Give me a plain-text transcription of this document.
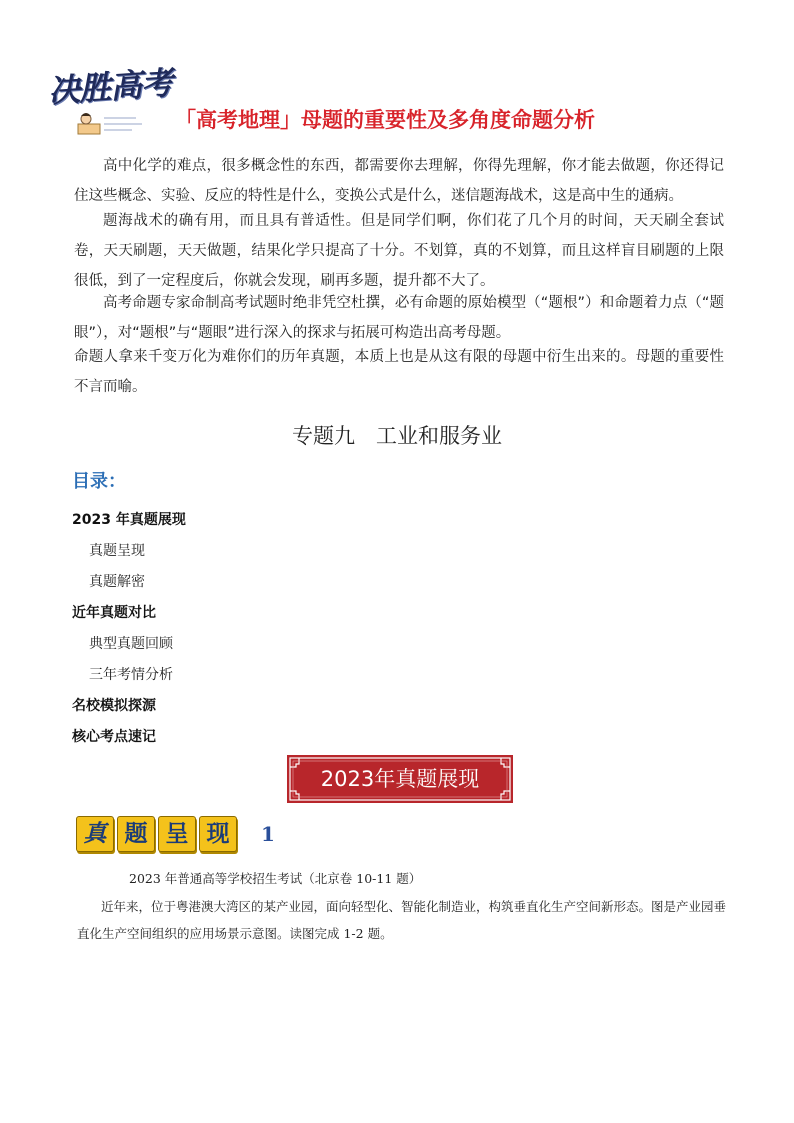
决胜高考
「高考地理」母题的重要性及多角度命题分析

高中化学的难点，很多概念性的东西，都需要你去理解，你得先理解，你才能去做题，你还得记住这些概念、实验、反应的特性是什么，变换公式是什么，迷信题海战术，这是高中生的通病。

题海战术的确有用，而且具有普适性。但是同学们啊，你们花了几个月的时间，天天刷全套试卷，天天刷题，天天做题，结果化学只提高了十分。不划算，真的不划算，而且这样盲目刷题的上限很低，到了一定程度后，你就会发现，刷再多题，提升都不大了。

高考命题专家命制高考试题时绝非凭空杜撰，必有命题的原始模型（“题根”）和命题着力点（“题眼”），对“题根”与“题眼”进行深入的探求与拓展可构造出高考母题。

命题人拿来千变万化为难你们的历年真题，本质上也是从这有限的母题中衍生出来的。母题的重要性不言而喻。

专题九　工业和服务业
目录：
2023 年真题展现
真题呈现
真题解密
近年真题对比
典型真题回顾
三年考情分析
名校模拟探源
核心考点速记
2023年真题展现
真 题 呈 现	1
2023 年普通高等学校招生考试（北京卷 10-11 题）

近年来，位于粤港澳大湾区的某产业园，面向轻型化、智能化制造业，构筑垂直化生产空间新形态。图是产业园垂直化生产空间组织的应用场景示意图。读图完成 1-2 题。
